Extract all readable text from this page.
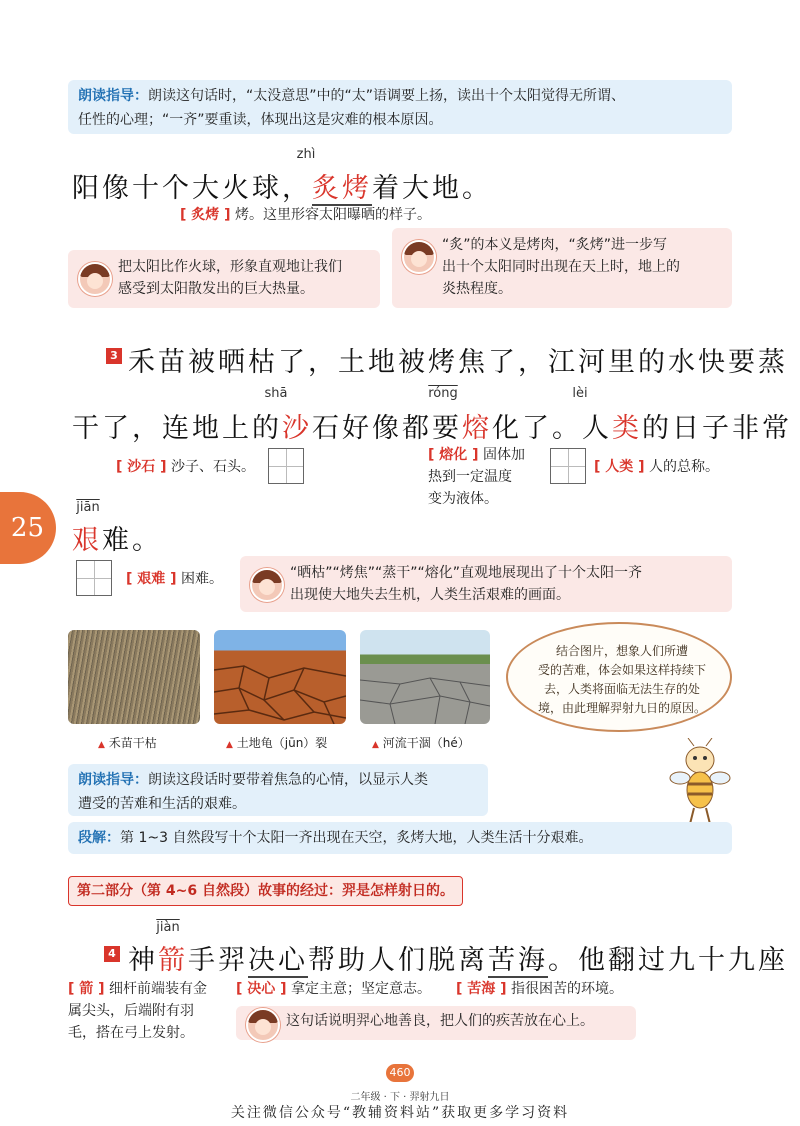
朗读指导：朗读这句话时，“太没意思”中的“太”语调要上扬，读出十个太阳觉得无所谓、
任性的心理；“一齐”要重读，体现出这是灾难的根本原因。
zhì
阳像十个大火球，炙烤着大地。
[ 炙烤 ] 烤。这里形容太阳曝晒的样子。
把太阳比作火球，形象直观地让我们
感受到太阳散发出的巨大热量。
“炙”的本义是烤肉，“炙烤”进一步写
出十个太阳同时出现在天上时，地上的
炎热程度。
3 禾苗被晒枯了，土地被烤焦了，江河里的水快要蒸
shā	róng	lèi
干了，连地上的沙石好像都要熔化了。人类的日子非常
[ 沙石 ] 沙子、石头。
[ 熔化 ] 固体加
热到一定温度
变为液体。
[ 人类 ] 人的总称。
25
jiān
艰难。
[ 艰难 ] 困难。	“晒枯”“烤焦”“蒸干”“熔化”直观地展现出了十个太阳一齐
出现使大地失去生机，人类生活艰难的画面。
▲ 禾苗干枯	▲ 土地龟（jūn）裂	▲ 河流干涸（hé）
结合图片，想象人们所遭
受的苦难，体会如果这样持续下
去，人类将面临无法生存的处
境，由此理解羿射九日的原因。
朗读指导：朗读这段话时要带着焦急的心情，以显示人类
遭受的苦难和生活的艰难。
段解：第 1~3 自然段写十个太阳一齐出现在天空，炙烤大地，人类生活十分艰难。
第二部分（第 4~6 自然段）故事的经过：羿是怎样射日的。
jiàn
4 神箭手羿决心帮助人们脱离苦海。他翻过九十九座
[ 箭 ] 细杆前端装有金
属尖头，后端附有羽
毛，搭在弓上发射。
[ 决心 ] 拿定主意；坚定意志。 [ 苦海 ] 指很困苦的环境。
这句话说明羿心地善良，把人们的疾苦放在心上。
460
二年级 · 下 · 羿射九日
关注微信公众号“教辅资料站”获取更多学习资料
